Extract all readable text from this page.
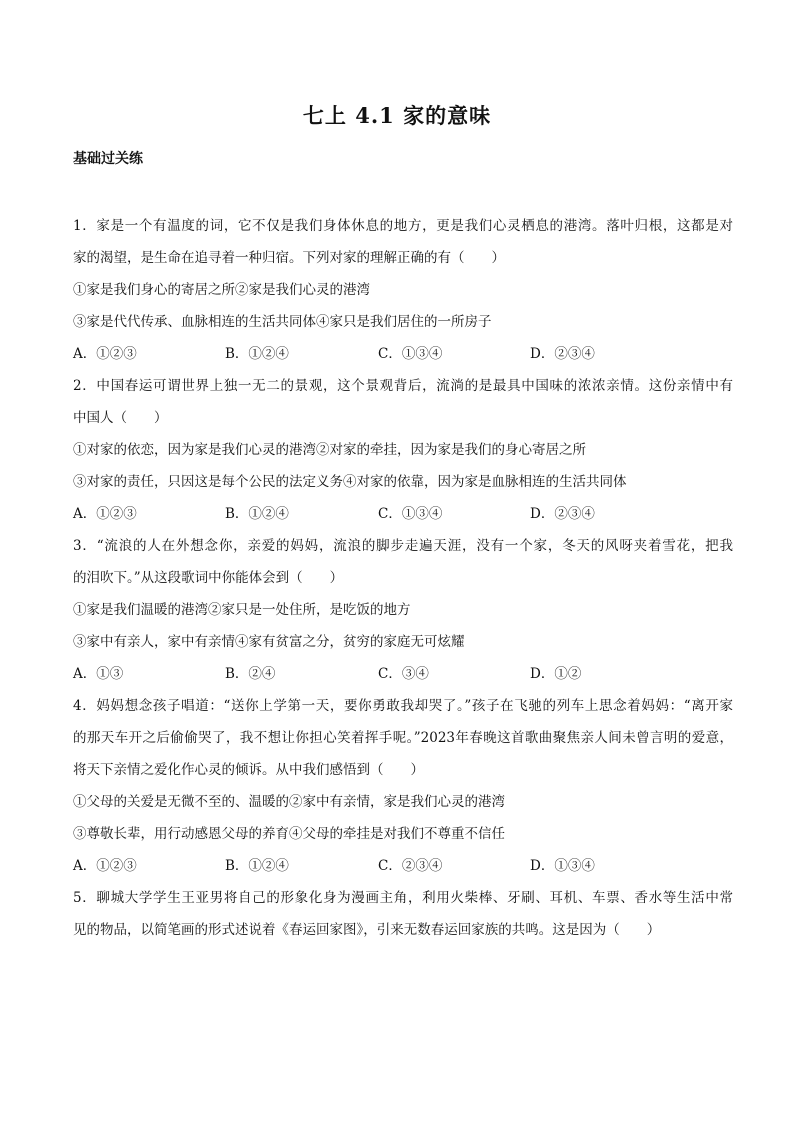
七上 4.1 家的意味
基础过关练
1．家是一个有温度的词，它不仅是我们身体休息的地方，更是我们心灵栖息的港湾。落叶归根，这都是对
家的渴望，是生命在追寻着一种归宿。下列对家的理解正确的有（　　）
①家是我们身心的寄居之所②家是我们心灵的港湾
③家是代代传承、血脉相连的生活共同体④家只是我们居住的一所房子
A．①②③	B．①②④	C．①③④	D．②③④
2．中国春运可谓世界上独一无二的景观，这个景观背后，流淌的是最具中国味的浓浓亲情。这份亲情中有
中国人（　　）
①对家的依恋，因为家是我们心灵的港湾②对家的牵挂，因为家是我们的身心寄居之所
③对家的责任，只因这是每个公民的法定义务④对家的依靠，因为家是血脉相连的生活共同体
A．①②③	B．①②④	C．①③④	D．②③④
3．“流浪的人在外想念你，亲爱的妈妈，流浪的脚步走遍天涯，没有一个家，冬天的风呀夹着雪花，把我
的泪吹下。”从这段歌词中你能体会到（　　）
①家是我们温暖的港湾②家只是一处住所，是吃饭的地方
③家中有亲人，家中有亲情④家有贫富之分，贫穷的家庭无可炫耀
A．①③	B．②④	C．③④	D．①②
4．妈妈想念孩子唱道：“送你上学第一天，要你勇敢我却哭了。”孩子在飞驰的列车上思念着妈妈：“离开家
的那天车开之后偷偷哭了，我不想让你担心笑着挥手呢。”2023年春晚这首歌曲聚焦亲人间未曾言明的爱意，
将天下亲情之爱化作心灵的倾诉。从中我们感悟到（　　）
①父母的关爱是无微不至的、温暖的②家中有亲情，家是我们心灵的港湾
③尊敬长辈，用行动感恩父母的养育④父母的牵挂是对我们不尊重不信任
A．①②③	B．①②④	C．②③④	D．①③④
5．聊城大学学生王亚男将自己的形象化身为漫画主角，利用火柴棒、牙刷、耳机、车票、香水等生活中常
见的物品，以简笔画的形式述说着《春运回家图》，引来无数春运回家族的共鸣。这是因为（　　）
